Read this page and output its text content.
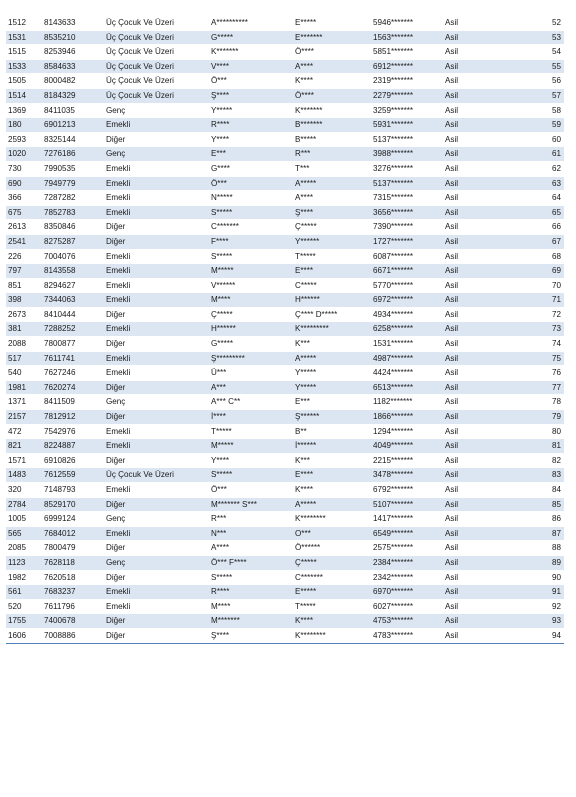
1512	8143633	Üç Çocuk Ve Üzeri	A**********	E*****	5946*******	Asil	52
1531	8535210	Üç Çocuk Ve Üzeri	G*****	E*******	1563*******	Asil	53
1515	8253946	Üç Çocuk Ve Üzeri	K*******	Ö****	5851*******	Asil	54
1533	8584633	Üç Çocuk Ve Üzeri	V****	A****	6912*******	Asil	55
1505	8000482	Üç Çocuk Ve Üzeri	Ö***	K****	2319*******	Asil	56
1514	8184329	Üç Çocuk Ve Üzeri	Ş****	Ö****	2279*******	Asil	57
1369	8411035	Genç	Y*****	K*******	3259*******	Asil	58
180	6901213	Emekli	R****	B*******	5931*******	Asil	59
2593	8325144	Diğer	Y****	B*****	5137*******	Asil	60
1020	7276186	Genç	E***	R***	3988*******	Asil	61
730	7990535	Emekli	G****	T***	3276*******	Asil	62
690	7949779	Emekli	Ö***	A*****	5137*******	Asil	63
366	7287282	Emekli	N*****	A****	7315*******	Asil	64
675	7852783	Emekli	S*****	Ş****	3656*******	Asil	65
2613	8350846	Diğer	C*******	Ç*****	7390*******	Asil	66
2541	8275287	Diğer	F****	Y******	1727*******	Asil	67
226	7004076	Emekli	S*****	T*****	6087*******	Asil	68
797	8143558	Emekli	M*****	E****	6671*******	Asil	69
851	8294627	Emekli	V******	C*****	5770*******	Asil	70
398	7344063	Emekli	M****	H******	6972*******	Asil	71
2673	8410444	Diğer	Ç*****	Ç**** D*****	4934*******	Asil	72
381	7288252	Emekli	H******	K*********	6258*******	Asil	73
2088	7800877	Diğer	G*****	K***	1531*******	Asil	74
517	7611741	Emekli	Ş*********	A*****	4987*******	Asil	75
540	7627246	Emekli	Ü***	Y*****	4424*******	Asil	76
1981	7620274	Diğer	A***	Y*****	6513*******	Asil	77
1371	8411509	Genç	A*** C**	E***	1182*******	Asil	78
2157	7812912	Diğer	İ****	Ş******	1866*******	Asil	79
472	7542976	Emekli	T*****	B**	1294*******	Asil	80
821	8224887	Emekli	M*****	İ******	4049*******	Asil	81
1571	6910826	Diğer	Y****	K***	2215*******	Asil	82
1483	7612559	Üç Çocuk Ve Üzeri	S*****	E****	3478*******	Asil	83
320	7148793	Emekli	Ö***	K****	6792*******	Asil	84
2784	8529170	Diğer	M******* S***	A*****	5107*******	Asil	85
1005	6999124	Genç	R***	K********	1417*******	Asil	86
565	7684012	Emekli	N***	O***	6549*******	Asil	87
2085	7800479	Diğer	A****	Ö******	2575*******	Asil	88
1123	7628118	Genç	Ö*** F****	Ç*****	2384*******	Asil	89
1982	7620518	Diğer	S*****	C*******	2342*******	Asil	90
561	7683237	Emekli	R****	E*****	6970*******	Asil	91
520	7611796	Emekli	M****	T*****	6027*******	Asil	92
1755	7400678	Diğer	M*******	K****	4753*******	Asil	93
1606	7008886	Diğer	Ş****	K********	4783*******	Asil	94
